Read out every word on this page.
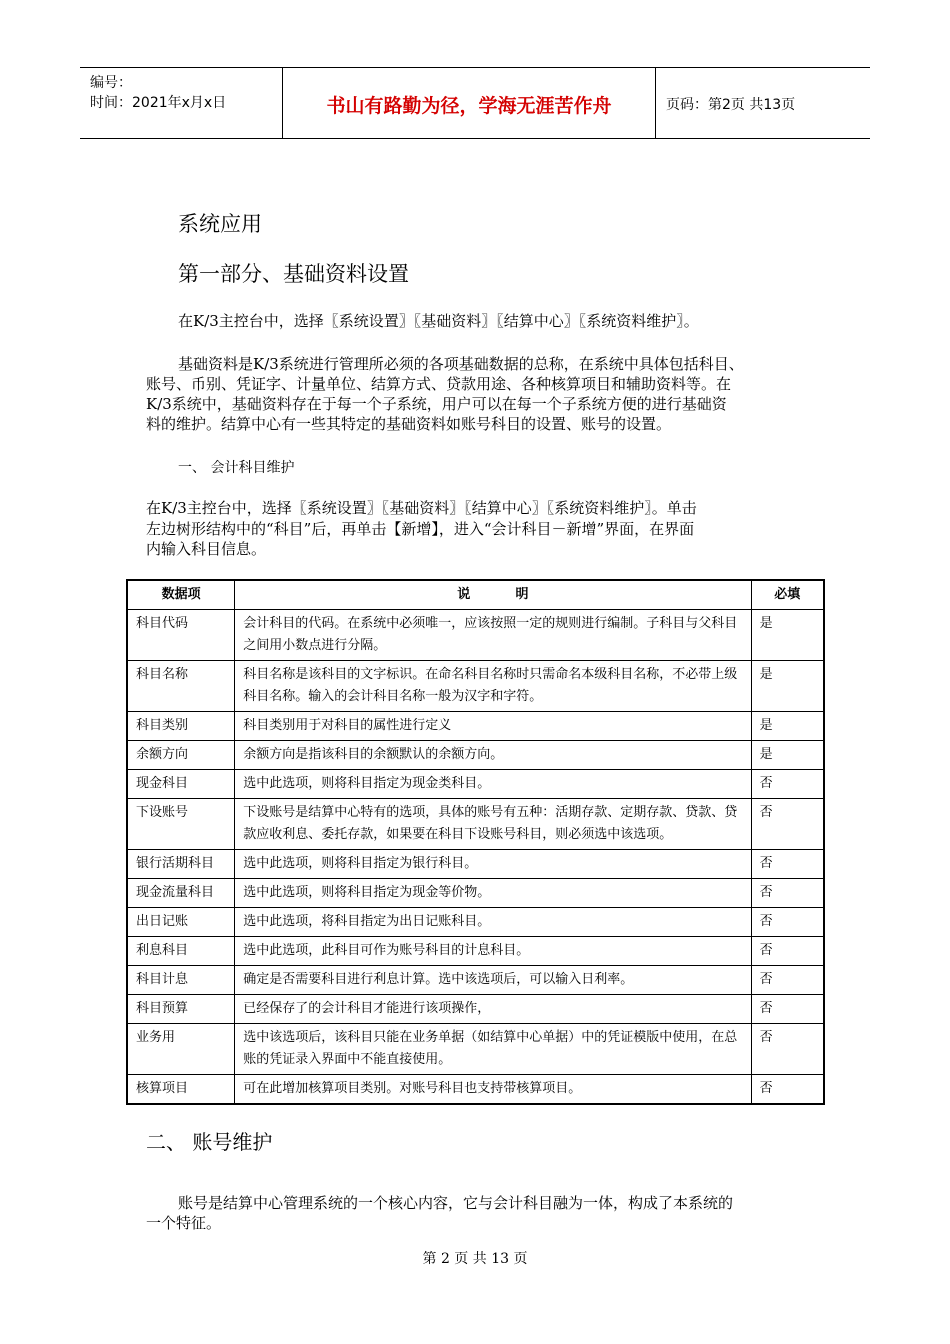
编号：
时间：2021年x月x日	书山有路勤为径，学海无涯苦作舟	页码：第2页 共13页
系统应用
第一部分、基础资料设置
在K/3主控台中，选择〖系统设置〗〖基础资料〗〖结算中心〗〖系统资料维护〗。
基础资料是K/3系统进行管理所必须的各项基础数据的总称，在系统中具体包括科目、
账号、币别、凭证字、计量单位、结算方式、贷款用途、各种核算项目和辅助资料等。在
K/3系统中，基础资料存在于每一个子系统，用户可以在每一个子系统方便的进行基础资
料的维护。结算中心有一些其特定的基础资料如账号科目的设置、账号的设置。
一、 会计科目维护
在K/3主控台中，选择〖系统设置〗〖基础资料〗〖结算中心〗〖系统资料维护〗。单击
左边树形结构中的“科目”后，再单击【新增】，进入“会计科目－新增”界面，在界面
内输入科目信息。
数据项	说          明	必填
科目代码	会计科目的代码。在系统中必须唯一，应该按照一定的规则进行编制。子科目与父科目之间用小数点进行分隔。	是
科目名称	科目名称是该科目的文字标识。在命名科目名称时只需命名本级科目名称，不必带上级科目名称。输入的会计科目名称一般为汉字和字符。	是
科目类别	科目类别用于对科目的属性进行定义	是
余额方向	余额方向是指该科目的余额默认的余额方向。	是
现金科目	选中此选项，则将科目指定为现金类科目。	否
下设账号	下设账号是结算中心特有的选项，具体的账号有五种：活期存款、定期存款、贷款、贷款应收利息、委托存款，如果要在科目下设账号科目，则必须选中该选项。	否
银行活期科目	选中此选项，则将科目指定为银行科目。	否
现金流量科目	选中此选项，则将科目指定为现金等价物。	否
出日记账	选中此选项，将科目指定为出日记账科目。	否
利息科目	选中此选项，此科目可作为账号科目的计息科目。	否
科目计息	确定是否需要科目进行利息计算。选中该选项后，可以输入日利率。	否
科目预算	已经保存了的会计科目才能进行该项操作，	否
业务用	选中该选项后，该科目只能在业务单据（如结算中心单据）中的凭证模版中使用，在总账的凭证录入界面中不能直接使用。	否
核算项目	可在此增加核算项目类别。对账号科目也支持带核算项目。	否
二、 账号维护
账号是结算中心管理系统的一个核心内容，它与会计科目融为一体，构成了本系统的
一个特征。
第 2 页 共 13 页
